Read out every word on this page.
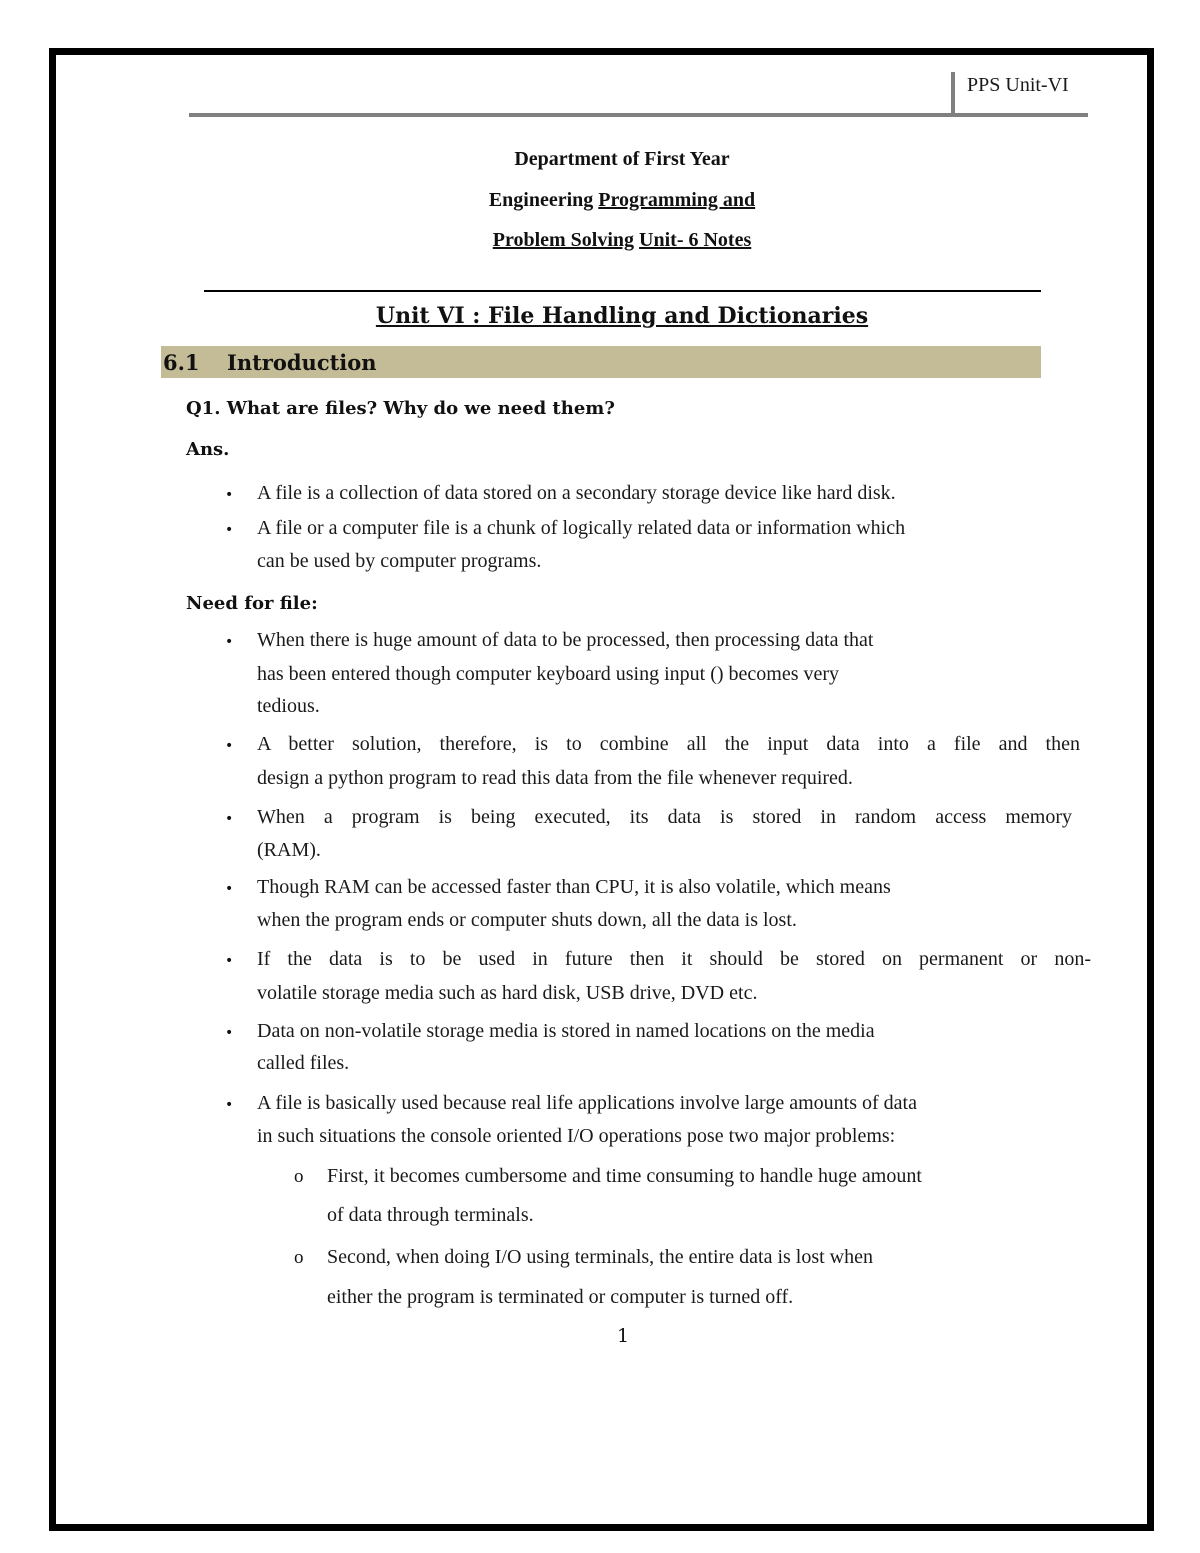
PPS Unit-VI
Department of First Year
Engineering Programming and
Problem Solving Unit- 6 Notes
Unit VI : File Handling and Dictionaries
6.1 Introduction
Q1. What are files? Why do we need them?
Ans.
• A file is a collection of data stored on a secondary storage device like hard disk.
• A file or a computer file is a chunk of logically related data or information which
can be used by computer programs.
Need for file:
• When there is huge amount of data to be processed, then processing data that
has been entered though computer keyboard using input () becomes very
tedious.
• A better solution, therefore, is to combine all the input data into a file and then
design a python program to read this data from the file whenever required.
• When a program is being executed, its data is stored in random access memory
(RAM).
• Though RAM can be accessed faster than CPU, it is also volatile, which means
when the program ends or computer shuts down, all the data is lost.
• If the data is to be used in future then it should be stored on permanent or non-
volatile storage media such as hard disk, USB drive, DVD etc.
• Data on non-volatile storage media is stored in named locations on the media
called files.
• A file is basically used because real life applications involve large amounts of data
in such situations the console oriented I/O operations pose two major problems:
o First, it becomes cumbersome and time consuming to handle huge amount
of data through terminals.
o Second, when doing I/O using terminals, the entire data is lost when
either the program is terminated or computer is turned off.
1
